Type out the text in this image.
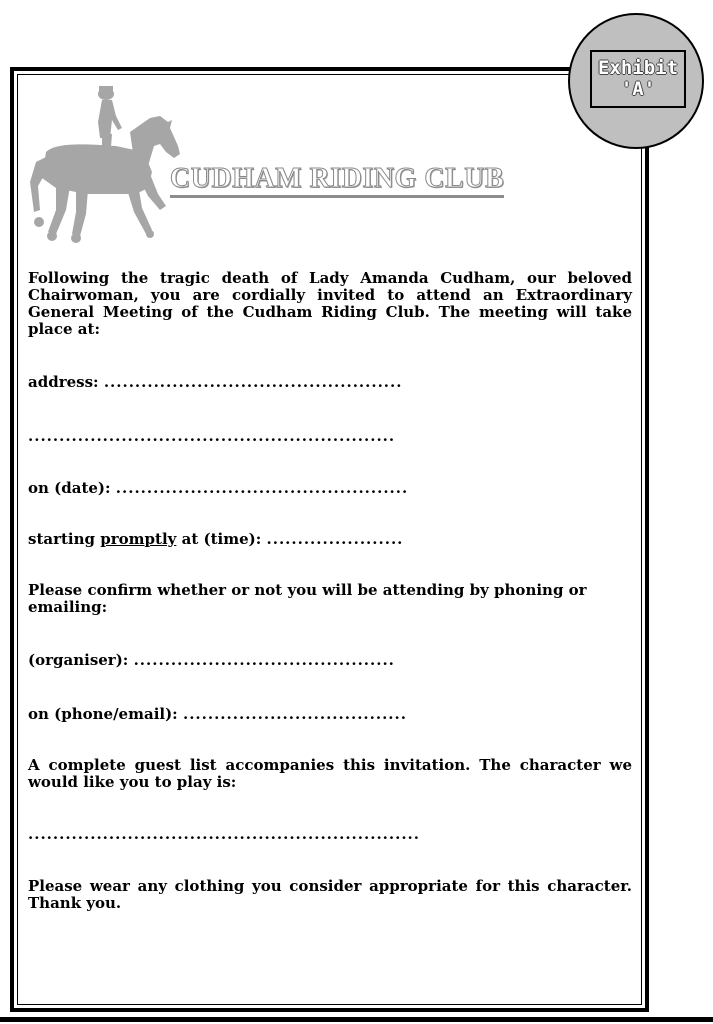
Exhibit
'A'
CUDHAM RIDING CLUB

Following the tragic death of Lady Amanda Cudham, our beloved Chairwoman, you are cordially invited to attend an Extraordinary General Meeting of the Cudham Riding Club. The meeting will take place at:

address: ................................................
...........................................................
on (date): ...............................................
starting promptly at (time): ......................

Please confirm whether or not you will be attending by phoning or emailing:

(organiser): ..........................................
on (phone/email): ....................................

A complete guest list accompanies this invitation. The character we would like you to play is:

...............................................................

Please wear any clothing you consider appropriate for this character. Thank you.
